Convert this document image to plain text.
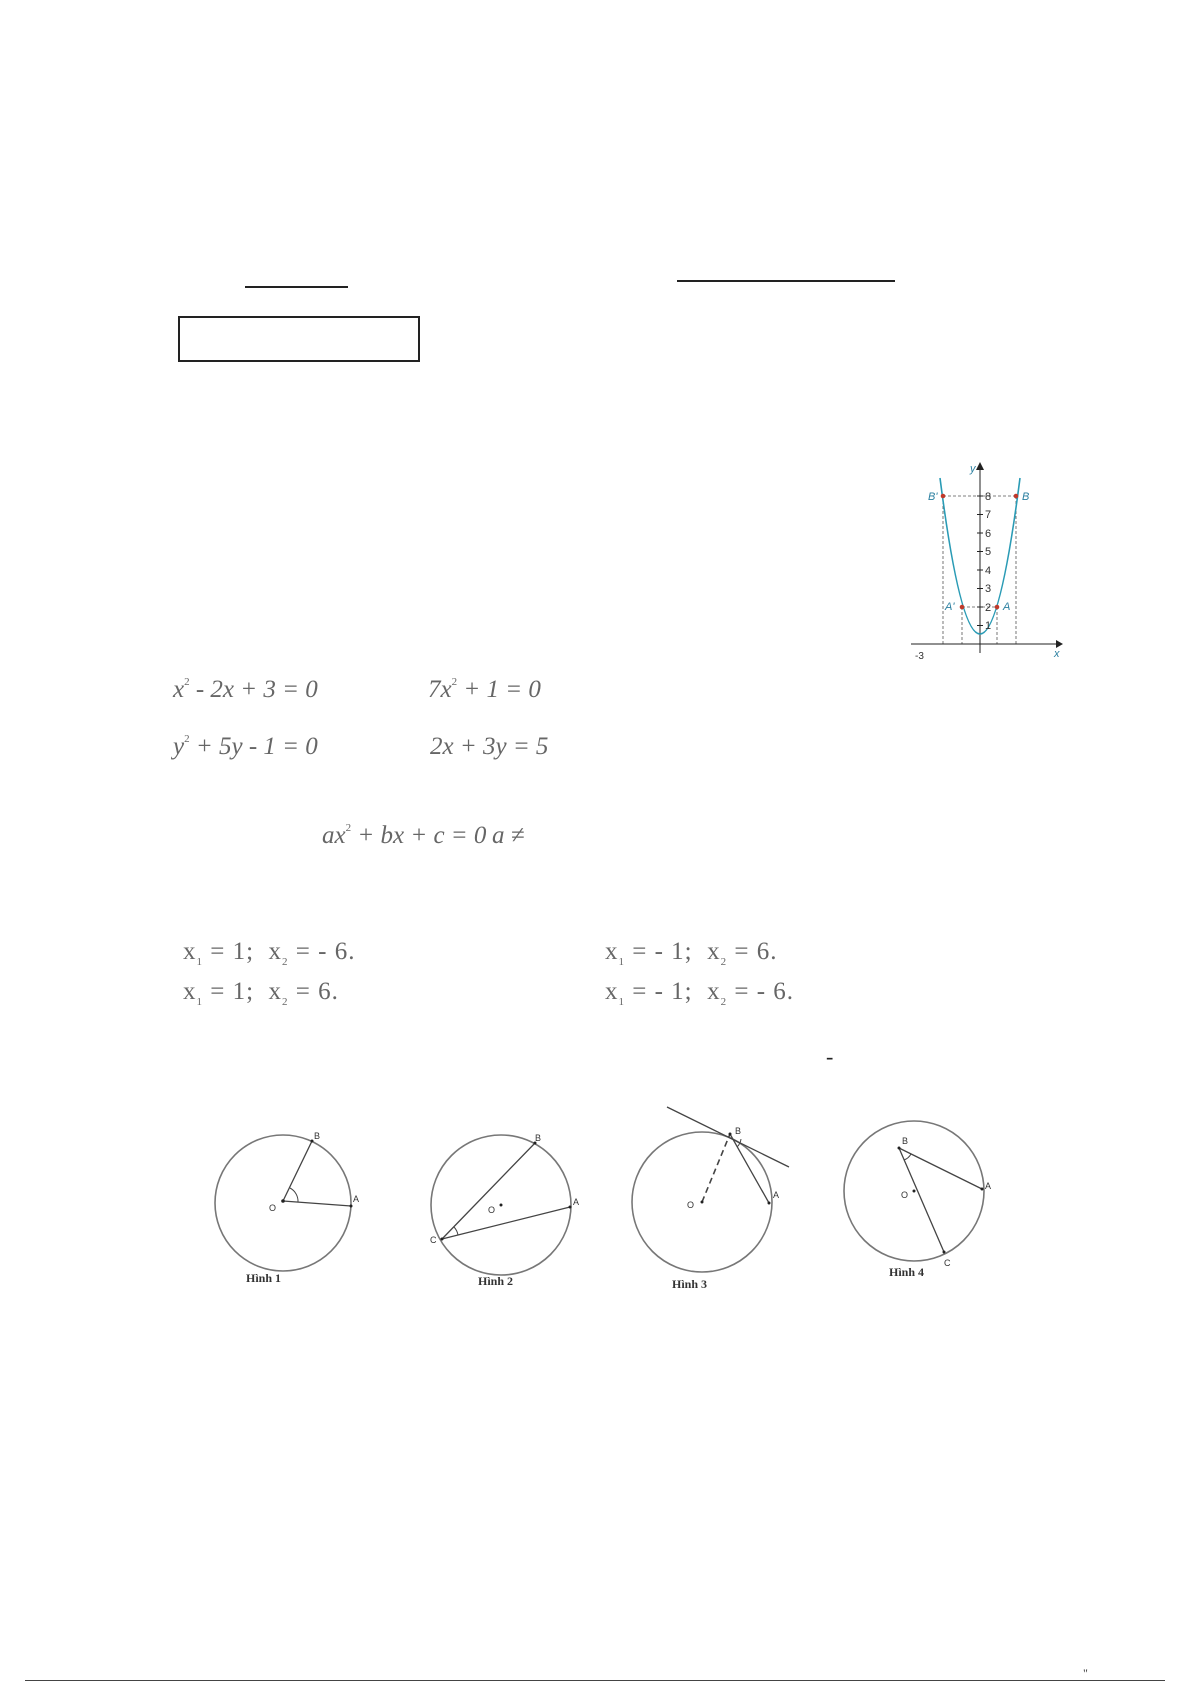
B'	B
A'	A
8
7
6
5
4
3
2
1
-3
y
x
$x^2 - 2x + 3 = 0$	$7x^2 + 1 = 0$
$y^2 + 5y - 1 = 0$	2x + 3y = 5
$ax^2$ + bx + c = 0 a ≠
$x_1 = 1$;  $x_2$ = - 6.	$x_1$ = - 1;  $x_2 = 6$.
$x_1 = 1$;  $x_2 = 6$.	$x_1$ = - 1;  $x_2$ = - 6.
-
B
A
O
Hình 1
B
A
O
C
Hình 2
B
A
O
Hình 3
B
A
O
C
Hình 4
"
